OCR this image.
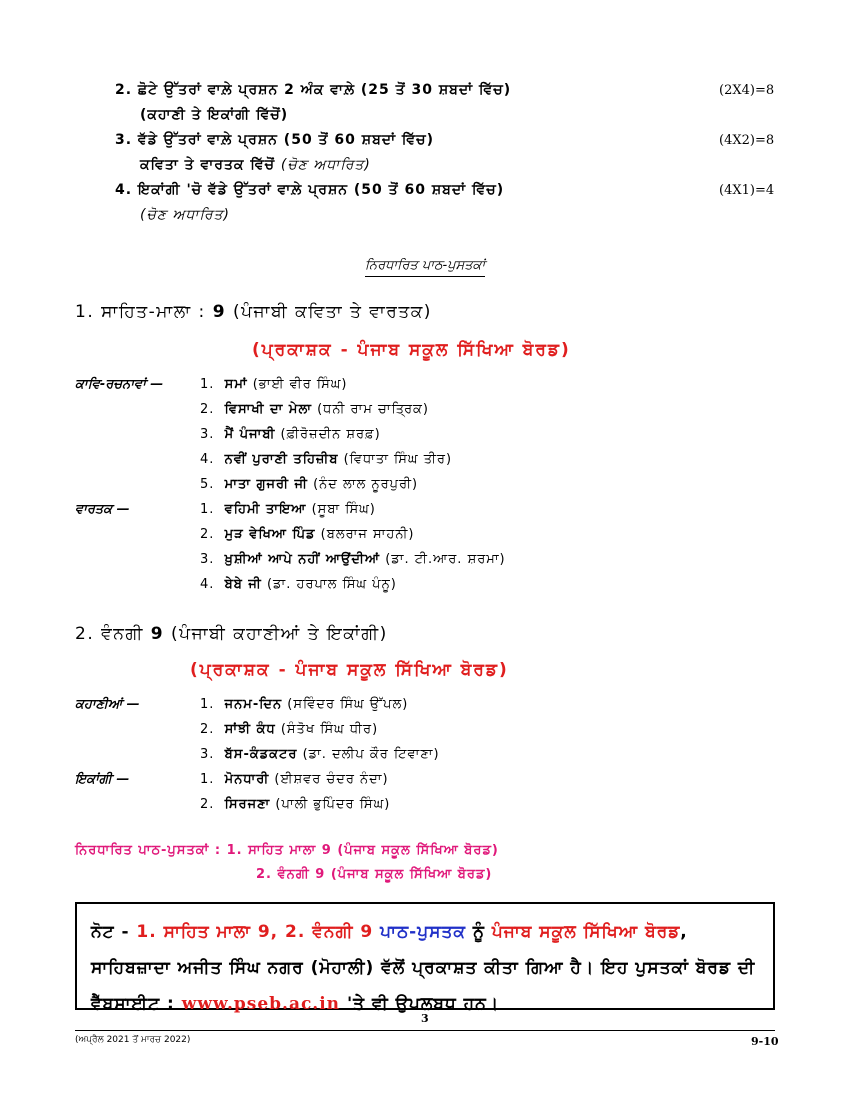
2. ਛੋਟੇ ਉੱਤਰਾਂ ਵਾਲ਼ੇ ਪ੍ਰਸ਼ਨ 2 ਅੰਕ ਵਾਲ਼ੇ (25 ਤੋਂ 30 ਸ਼ਬਦਾਂ ਵਿੱਚ)	(2X4)=8
(ਕਹਾਣੀ ਤੇ ਇਕਾਂਗੀ ਵਿੱਚੋਂ)
3. ਵੱਡੇ ਉੱਤਰਾਂ ਵਾਲ਼ੇ ਪ੍ਰਸ਼ਨ (50 ਤੋਂ 60 ਸ਼ਬਦਾਂ ਵਿੱਚ)	(4X2)=8
ਕਵਿਤਾ ਤੇ ਵਾਰਤਕ ਵਿੱਚੋਂ (ਚੋਣ ਅਧਾਰਿਤ)
4. ਇਕਾਂਗੀ 'ਚੋ ਵੱਡੇ ਉੱਤਰਾਂ ਵਾਲ਼ੇ ਪ੍ਰਸ਼ਨ (50 ਤੋਂ 60 ਸ਼ਬਦਾਂ ਵਿੱਚ)	(4X1)=4
(ਚੋਣ ਅਧਾਰਿਤ)
ਨਿਰਧਾਰਿਤ ਪਾਠ-ਪੁਸਤਕਾਂ
1. ਸਾਹਿਤ-ਮਾਲਾ : 9 (ਪੰਜਾਬੀ ਕਵਿਤਾ ਤੇ ਵਾਰਤਕ)
(ਪ੍ਰਕਾਸ਼ਕ - ਪੰਜਾਬ ਸਕੂਲ ਸਿੱਖਿਆ ਬੋਰਡ)
ਕਾਵਿ-ਰਚਨਾਵਾਂ —	1. ਸਮਾਂ (ਭਾਈ ਵੀਰ ਸਿੰਘ)
2. ਵਿਸਾਖੀ ਦਾ ਮੇਲਾ (ਧਨੀ ਰਾਮ ਚਾਤ੍ਰਿਕ)
3. ਮੈਂ ਪੰਜਾਬੀ (ਫ਼ੀਰੋਜ਼ਦੀਨ ਸ਼ਰਫ਼)
4. ਨਵੀਂ ਪੁਰਾਣੀ ਤਹਿਜ਼ੀਬ (ਵਿਧਾਤਾ ਸਿੰਘ ਤੀਰ)
5. ਮਾਤਾ ਗੁਜਰੀ ਜੀ (ਨੰਦ ਲਾਲ ਨੂਰਪੁਰੀ)
ਵਾਰਤਕ —	1. ਵਹਿਮੀ ਤਾਇਆ (ਸੂਬਾ ਸਿੰਘ)
2. ਮੁੜ ਵੇਖਿਆ ਪਿੰਡ (ਬਲਰਾਜ ਸਾਹਨੀ)
3. ਖ਼ੁਸ਼ੀਆਂ ਆਪੇ ਨਹੀਂ ਆਉਂਦੀਆਂ (ਡਾ. ਟੀ.ਆਰ. ਸ਼ਰਮਾ)
4. ਬੇਬੇ ਜੀ (ਡਾ. ਹਰਪਾਲ ਸਿੰਘ ਪੰਨੂ)
2. ਵੰਨਗੀ 9 (ਪੰਜਾਬੀ ਕਹਾਣੀਆਂ ਤੇ ਇਕਾਂਗੀ)
(ਪ੍ਰਕਾਸ਼ਕ - ਪੰਜਾਬ ਸਕੂਲ ਸਿੱਖਿਆ ਬੋਰਡ)
ਕਹਾਣੀਆਂ —	1. ਜਨਮ-ਦਿਨ (ਸਵਿੰਦਰ ਸਿੰਘ ਉੱਪਲ)
2. ਸਾਂਝੀ ਕੰਧ (ਸੰਤੋਖ ਸਿੰਘ ਧੀਰ)
3. ਬੱਸ-ਕੰਡਕਟਰ (ਡਾ. ਦਲੀਪ ਕੌਰ ਟਿਵਾਣਾ)
ਇਕਾਂਗੀ —	1. ਮੋਨਧਾਰੀ (ਈਸ਼ਵਰ ਚੰਦਰ ਨੰਦਾ)
2. ਸਿਰਜਣਾ (ਪਾਲੀ ਭੁਪਿੰਦਰ ਸਿੰਘ)
ਨਿਰਧਾਰਿਤ ਪਾਠ-ਪੁਸਤਕਾਂ : 1. ਸਾਹਿਤ ਮਾਲਾ 9 (ਪੰਜਾਬ ਸਕੂਲ ਸਿੱਖਿਆ ਬੋਰਡ)
2. ਵੰਨਗੀ 9 (ਪੰਜਾਬ ਸਕੂਲ ਸਿੱਖਿਆ ਬੋਰਡ)
ਨੋਟ - 1. ਸਾਹਿਤ ਮਾਲਾ 9, 2. ਵੰਨਗੀ 9 ਪਾਠ-ਪੁਸਤਕ ਨੂੰ ਪੰਜਾਬ ਸਕੂਲ ਸਿੱਖਿਆ ਬੋਰਡ, ਸਾਹਿਬਜ਼ਾਦਾ ਅਜੀਤ ਸਿੰਘ ਨਗਰ (ਮੋਹਾਲੀ) ਵੱਲੋਂ ਪ੍ਰਕਾਸ਼ਤ ਕੀਤਾ ਗਿਆ ਹੈ। ਇਹ ਪੁਸਤਕਾਂ ਬੋਰਡ ਦੀ ਵੈੱਬਸਾਈਟ : www.pseb.ac.in 'ਤੇ ਵੀ ਉਪਲਬਧ ਹਨ।
3
(ਅਪ੍ਰੈਲ 2021 ਤੋਂ ਮਾਰਚ 2022)	9-10
